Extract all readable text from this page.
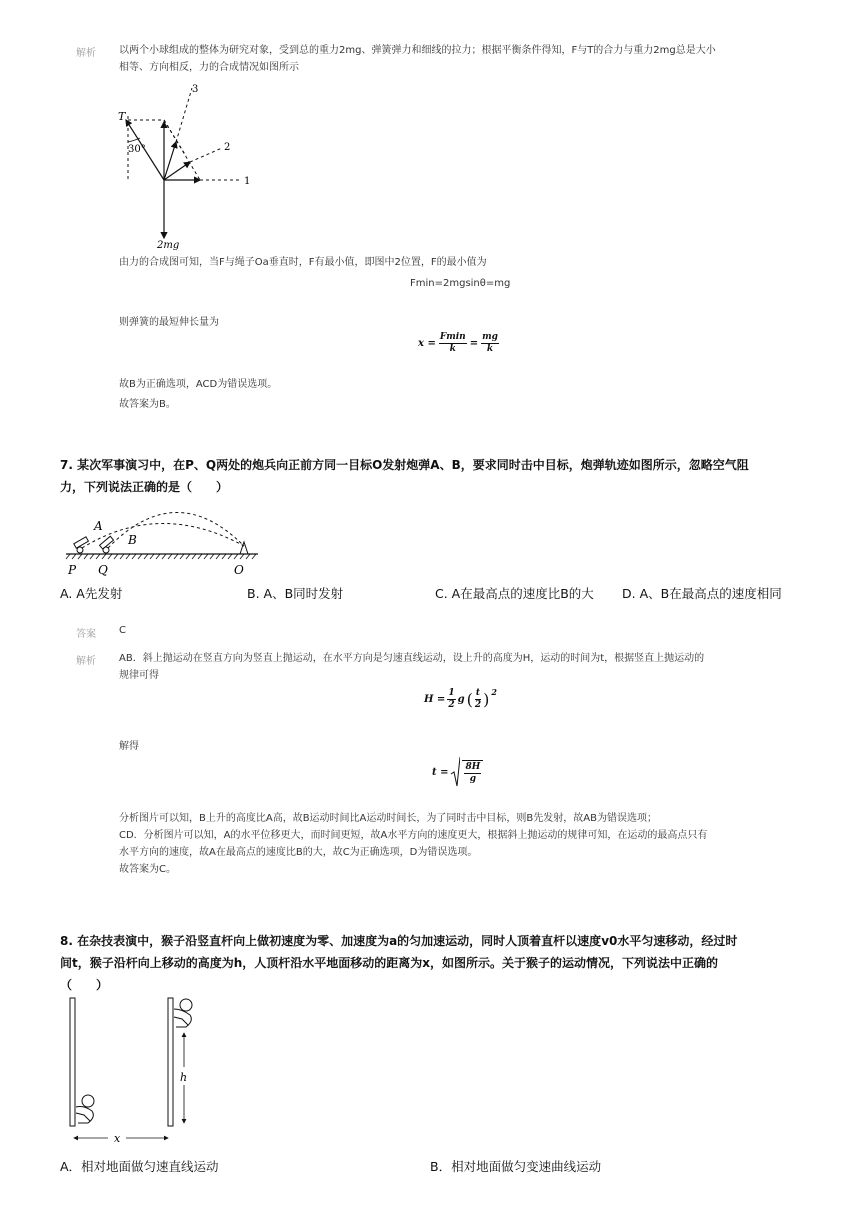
解析 以两个小球组成的整体为研究对象，受到总的重力2mg、弹簧弹力和细线的拉力；根据平衡条件得知，F与T的合力与重力2mg总是大小
相等、方向相反，力的合成情况如图所示
T
30°
1
2
3
2mg
由力的合成图可知，当F与绳子Oa垂直时，F有最小值，即图中2位置，F的最小值为
Fmin=2mgsinθ=mg
则弹簧的最短伸长量为
$x = \frac{Fmin}{k} = \frac{mg}{k}$
故B为正确选项，ACD为错误选项。
故答案为B。
7. 某次军事演习中，在P、Q两处的炮兵向正前方同一目标O发射炮弹A、B，要求同时击中目标，炮弹轨迹如图所示，忽略空气阻
力，下列说法正确的是（　　）
A
B
P Q	O
A. A先发射	B. A、B同时发射	C. A在最高点的速度比B的大 D. A、B在最高点的速度相同
答案 C
解析 AB．斜上抛运动在竖直方向为竖直上抛运动，在水平方向是匀速直线运动，设上升的高度为H，运动的时间为t，根据竖直上抛运动的
规律可得
$H = \frac{1}{2}$ g ( $\frac{t}{2}$ ) $^2$
解得
$t = \frac{8H}{g}$
分析图片可以知，B上升的高度比A高，故B运动时间比A运动时间长，为了同时击中目标，则B先发射，故AB为错误选项；
CD．分析图片可以知，A的水平位移更大，而时间更短，故A水平方向的速度更大，根据斜上抛运动的规律可知，在运动的最高点只有
水平方向的速度，故A在最高点的速度比B的大，故C为正确选项，D为错误选项。
故答案为C。
8. 在杂技表演中，猴子沿竖直杆向上做初速度为零、加速度为a的匀加速运动，同时人顶着直杆以速度v0水平匀速移动，经过时
间t，猴子沿杆向上移动的高度为h，人顶杆沿水平地面移动的距离为x，如图所示。关于猴子的运动情况，下列说法中正确的
（　　）
h
x
A．相对地面做匀速直线运动	B．相对地面做匀变速曲线运动
